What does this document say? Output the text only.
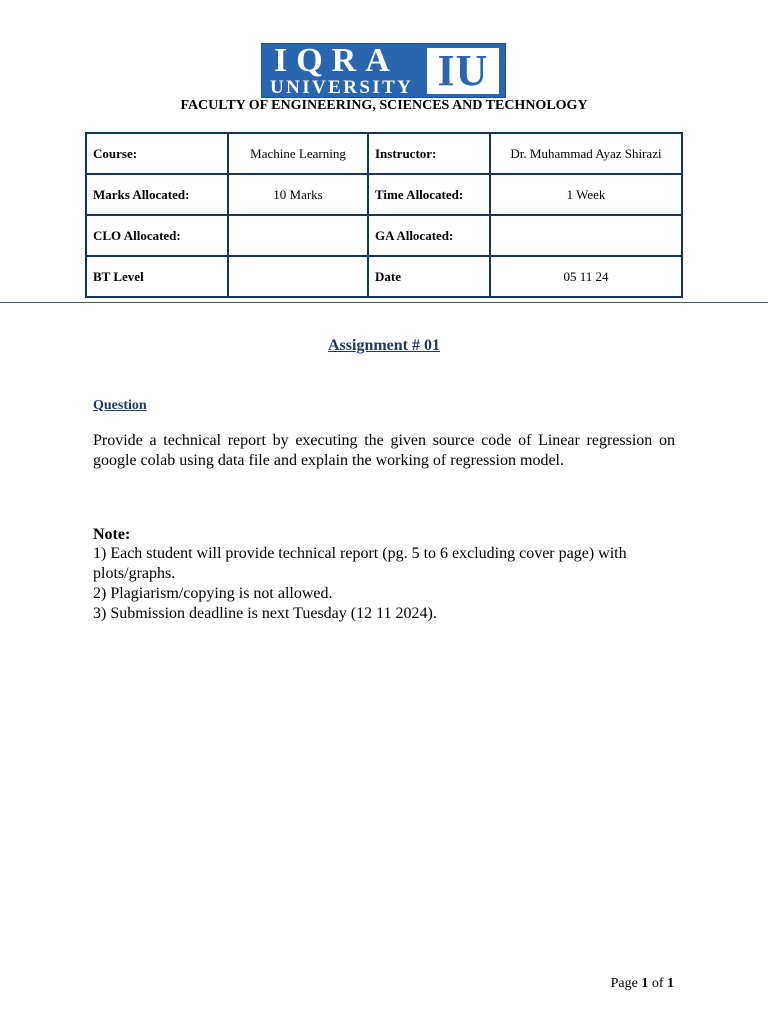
IQRA
UNIVERSITY IU
FACULTY OF ENGINEERING, SCIENCES AND TECHNOLOGY
Course:	Machine Learning	Instructor:	Dr. Muhammad Ayaz Shirazi
Marks Allocated:	10 Marks	Time Allocated:	1 Week
CLO Allocated:		GA Allocated:	
BT Level		Date	05 11 24
Assignment # 01
Question

Provide a technical report by executing the given source code of Linear regression on google colab using data file and explain the working of regression model.

Note:
1) Each student will provide technical report (pg. 5 to 6 excluding cover page) with plots/graphs.
2) Plagiarism/copying is not allowed.
3) Submission deadline is next Tuesday (12 11 2024).
Page 1 of 1
